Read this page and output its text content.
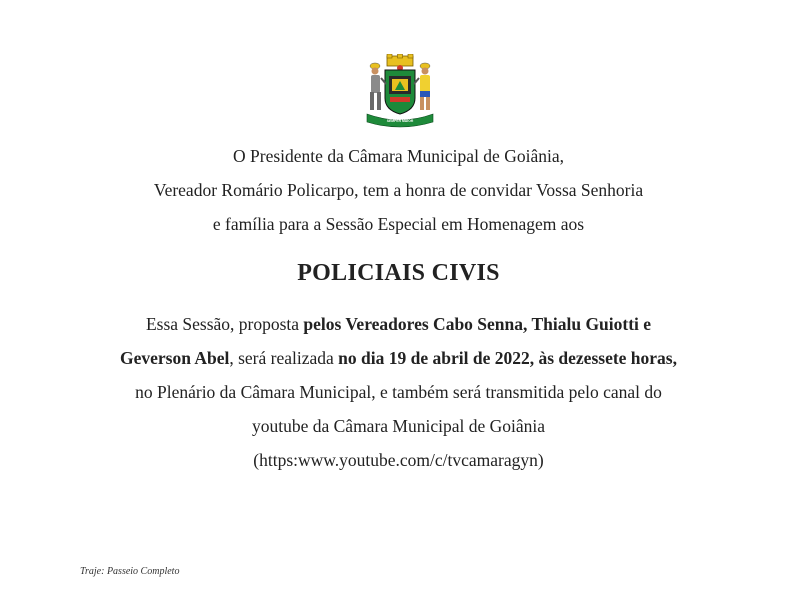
SEMPER MAIOR
O Presidente da Câmara Municipal de Goiânia,
Vereador Romário Policarpo, tem a honra de convidar Vossa Senhoria
e família para a Sessão Especial em Homenagem aos
POLICIAIS CIVIS
Essa Sessão, proposta pelos Vereadores Cabo Senna, Thialu Guiotti e
Geverson Abel, será realizada no dia 19 de abril de 2022, às dezessete horas,
no Plenário da Câmara Municipal, e também será transmitida pelo canal do
youtube da Câmara Municipal de Goiânia
(https:www.youtube.com/c/tvcamaragyn)
Traje: Passeio Completo
